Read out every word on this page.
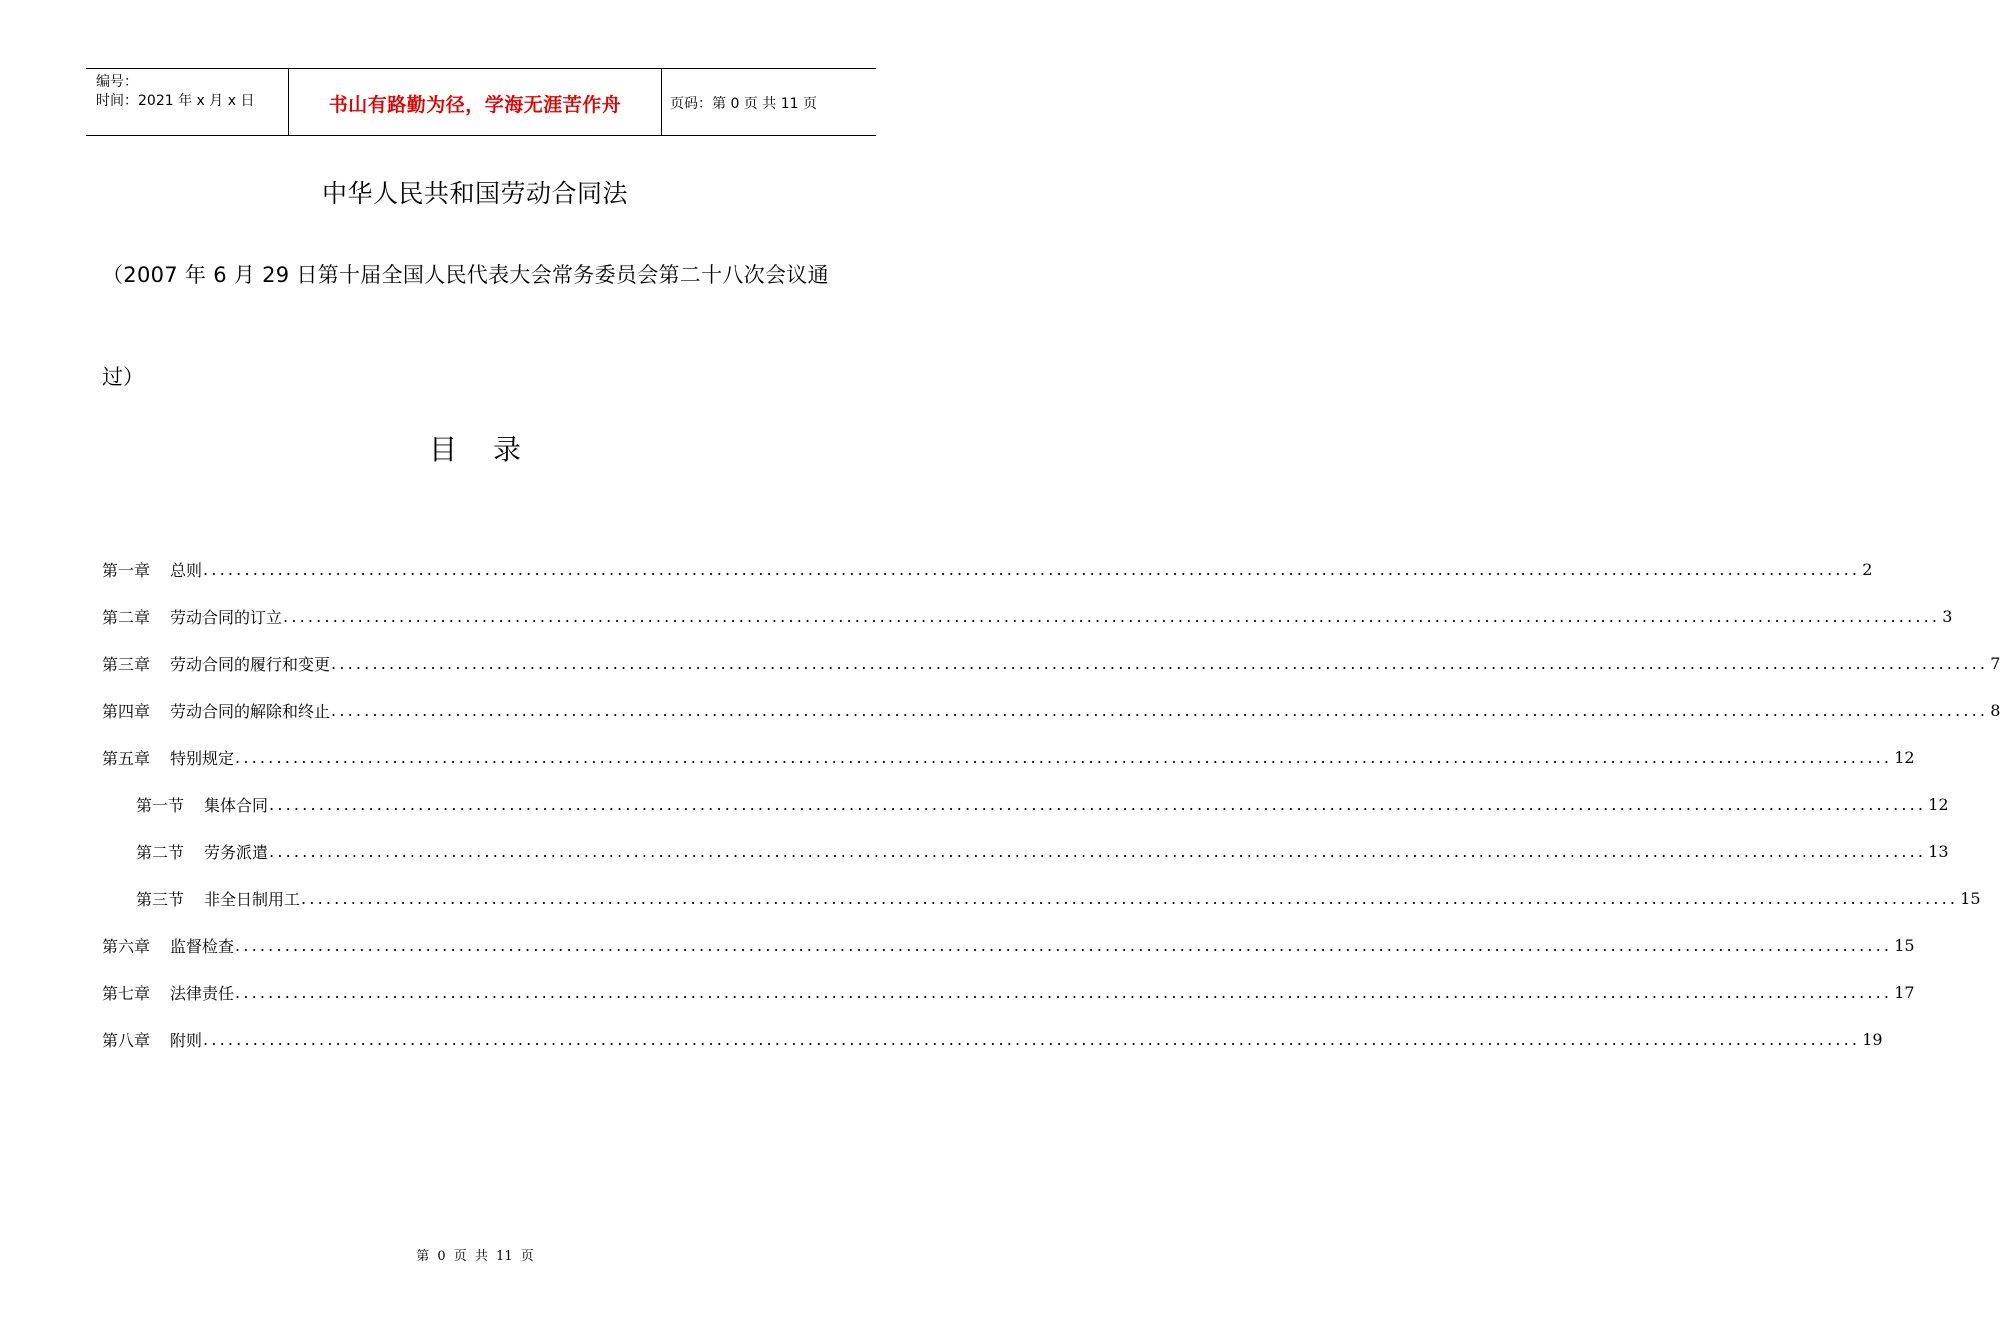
编号：
时间：2021 年 x 月 x 日	书山有路勤为径，学海无涯苦作舟	页码：第 0 页 共 11 页
中华人民共和国劳动合同法
（2007 年 6 月 29 日第十届全国人民代表大会常务委员会第二十八次会议通
过）
目 录
第一章 总则 ........................................................................................................................................................................................................ 2
第二章 劳动合同的订立 ........................................................................................................................................................................................................ 3
第三章 劳动合同的履行和变更 ........................................................................................................................................................................................................ 7
第四章 劳动合同的解除和终止 ........................................................................................................................................................................................................ 8
第五章 特别规定 ........................................................................................................................................................................................................ 12
第一节 集体合同 ........................................................................................................................................................................................................ 12
第二节 劳务派遣 ........................................................................................................................................................................................................ 13
第三节 非全日制用工 ........................................................................................................................................................................................................ 15
第六章 监督检查 ........................................................................................................................................................................................................ 15
第七章 法律责任 ........................................................................................................................................................................................................ 17
第八章 附则 ........................................................................................................................................................................................................ 19
第 0 页 共 11 页
